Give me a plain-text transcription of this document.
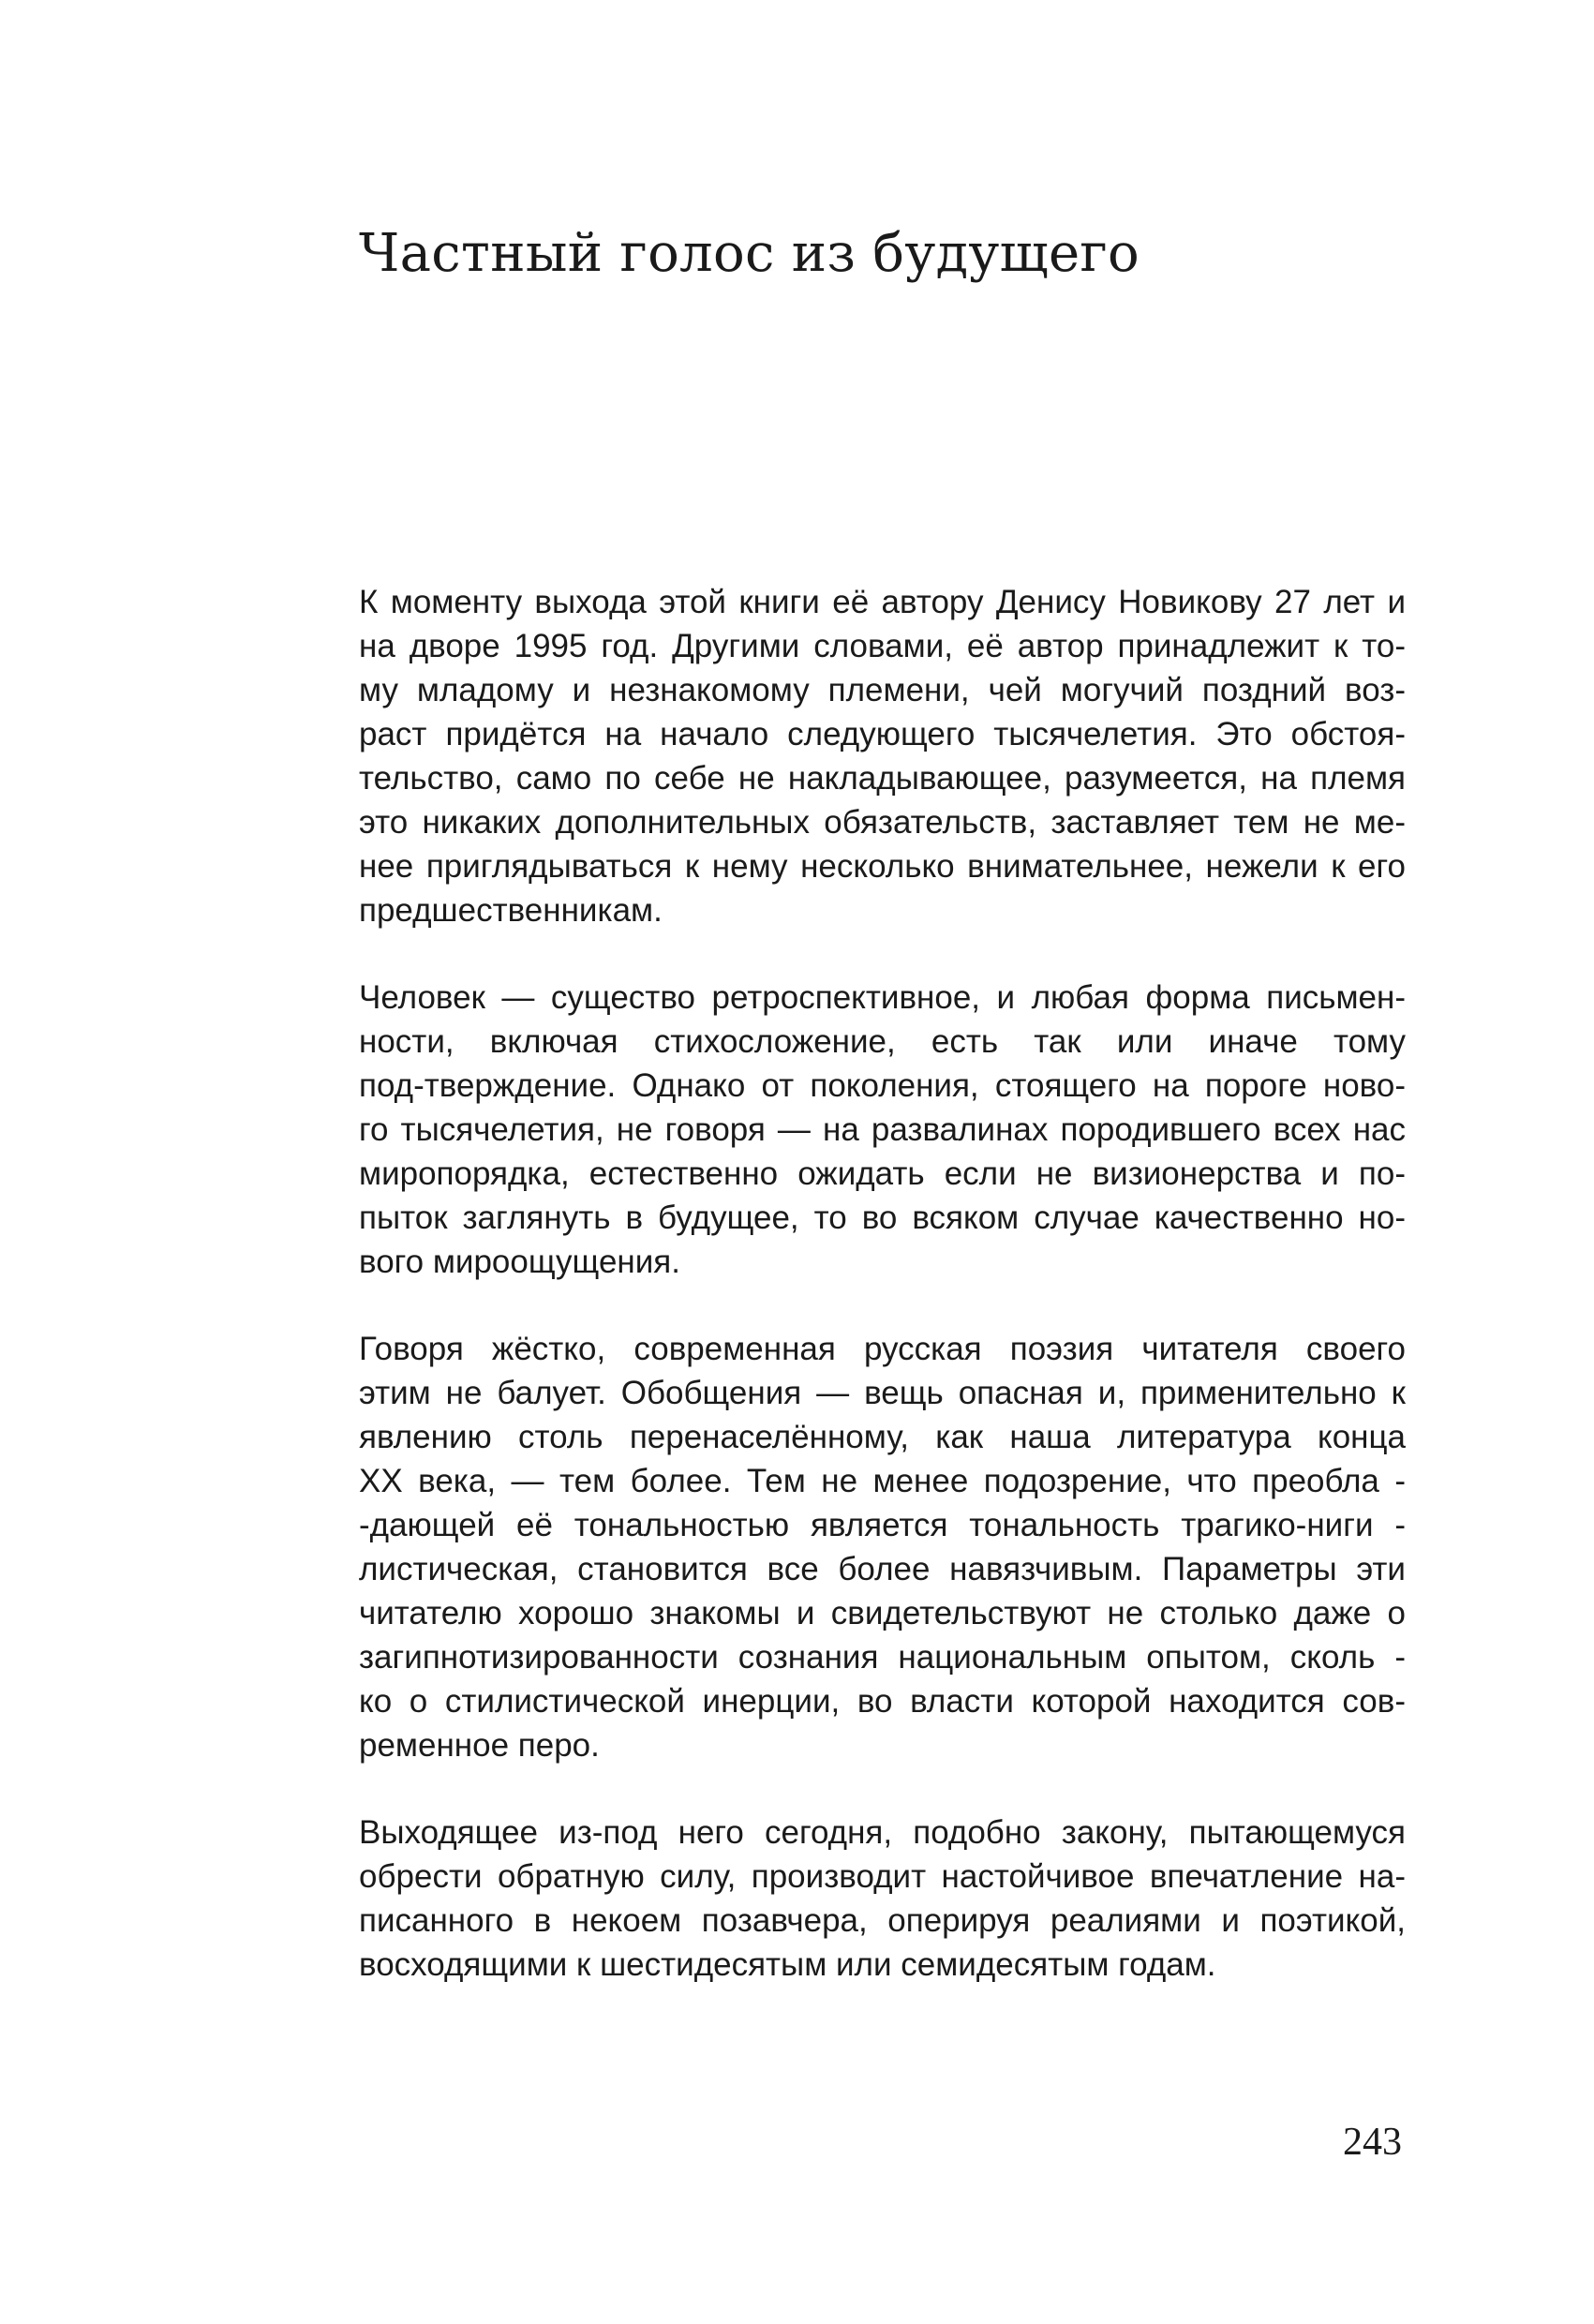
Частный голос из будущего
К моменту выхода этой книги её автору Денису Новикову 27 лет и
на дворе 1995 год. Другими словами, её автор принадлежит к то-
му младому и незнакомому племени, чей могучий поздний воз-
раст придётся на начало следующего тысячелетия. Это обстоя-
тельство, само по себе не накладывающее, разумеется, на племя
это никаких дополнительных обязательств, заставляет тем не ме-
нее приглядываться к нему несколько внимательнее, нежели к его
предшественникам.
Человек — существо ретроспективное, и любая форма письмен-
ности, включая стихосложение, есть так или иначе тому
под-тверждение. Однако от поколения, стоящего на пороге ново-
го тысячелетия, не говоря — на развалинах породившего всех нас
миропорядка, естественно ожидать если не визионерства и по-
пыток заглянуть в будущее, то во всяком случае качественно но-
вого мироощущения.
Говоря жёстко, современная русская поэзия читателя своего
этим не балует. Обобщения — вещь опасная и, применительно к
явлению столь перенаселённому, как наша литература конца
XX века, — тем более. Тем не менее подозрение, что преобла -
-дающей её тональностью является тональность трагико-ниги -
листическая, становится все более навязчивым. Параметры эти
читателю хорошо знакомы и свидетельствуют не столько даже о
загипнотизированности сознания национальным опытом, сколь -
ко о стилистической инерции, во власти которой находится сов-
ременное перо.
Выходящее из-под него сегодня, подобно закону, пытающемуся
обрести обратную силу, производит настойчивое впечатление на-
писанного в некоем позавчера, оперируя реалиями и поэтикой,
восходящими к шестидесятым или семидесятым годам.
243
